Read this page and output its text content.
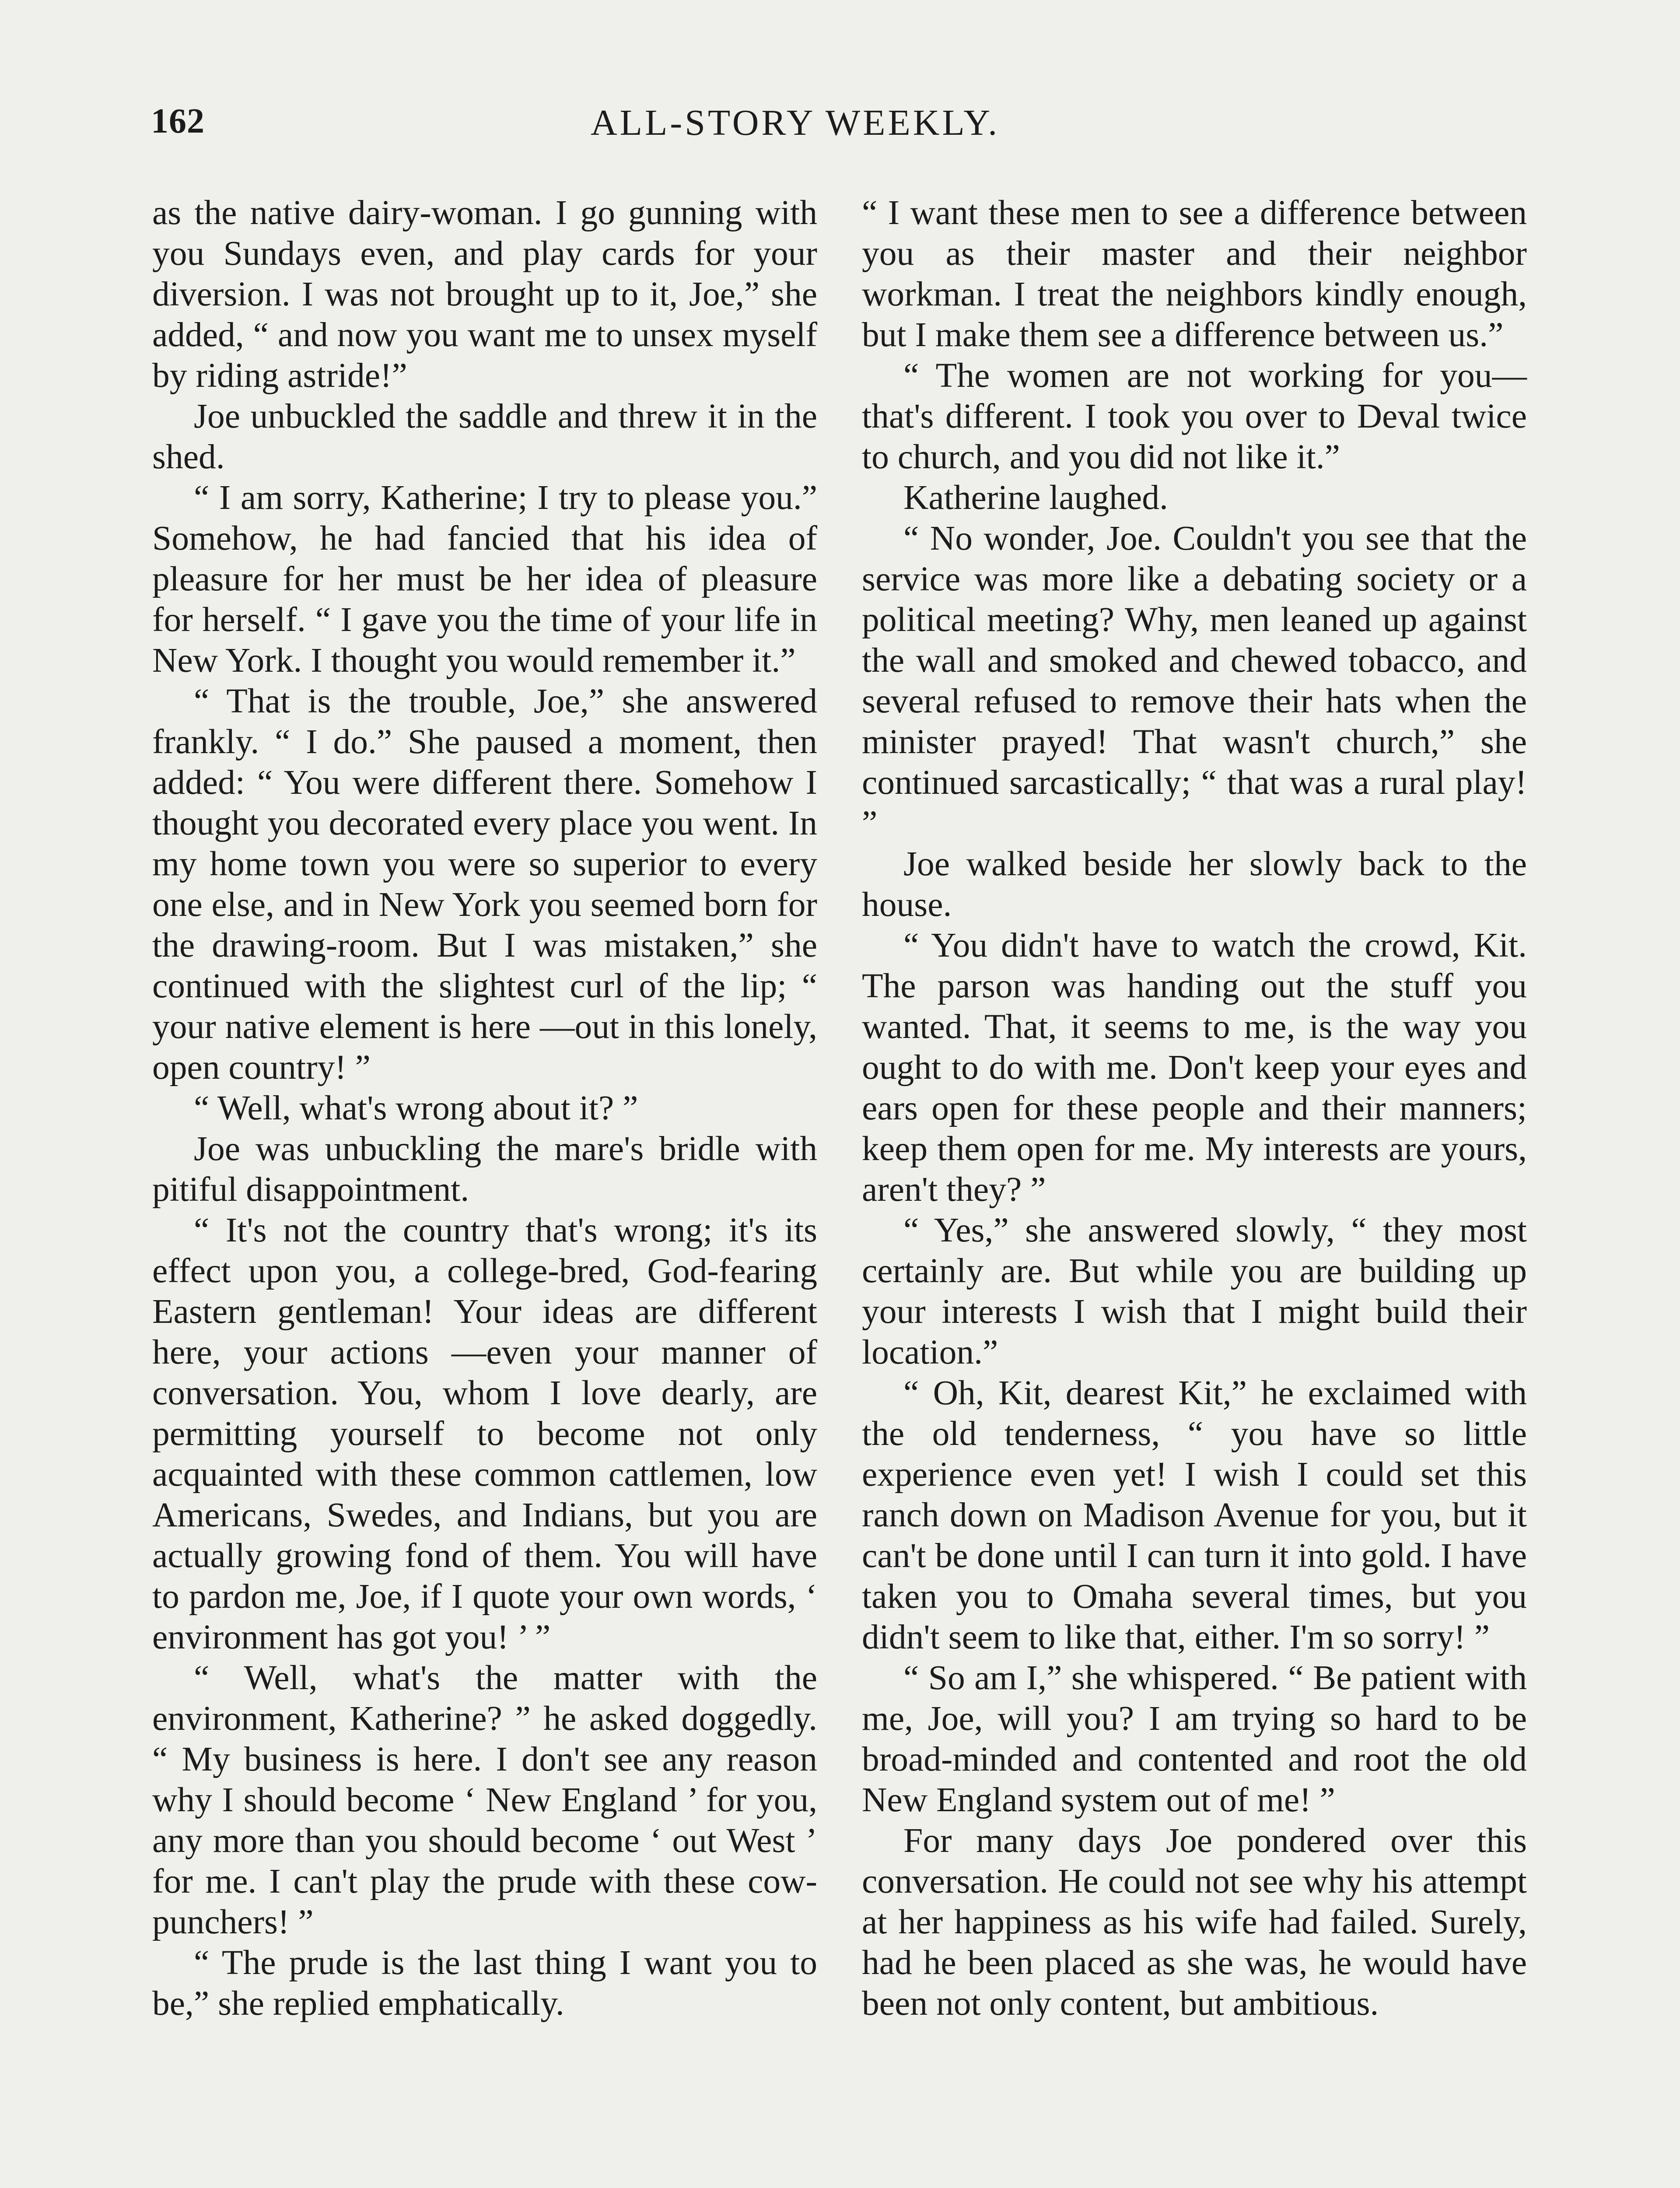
162	ALL-STORY WEEKLY.

as the native dairy-woman. I go gunning with you Sundays even, and play cards for your diversion. I was not brought up to it, Joe,” she added, “ and now you want me to unsex myself by riding astride!”

Joe unbuckled the saddle and threw it in the shed.

“ I am sorry, Katherine; I try to please you.” Somehow, he had fancied that his idea of pleasure for her must be her idea of pleasure for herself. “ I gave you the time of your life in New York. I thought you would remember it.”

“ That is the trouble, Joe,” she answered frankly. “ I do.” She paused a moment, then added: “ You were different there. Somehow I thought you decorated every place you went. In my home town you were so superior to every one else, and in New York you seemed born for the drawing-room. But I was mistaken,” she continued with the slightest curl of the lip; “ your native element is here —out in this lonely, open country! ”

“ Well, what's wrong about it? ”

Joe was unbuckling the mare's bridle with pitiful disappointment.

“ It's not the country that's wrong; it's its effect upon you, a college-bred, God-fearing Eastern gentleman! Your ideas are different here, your actions —even your manner of conversation. You, whom I love dearly, are permitting yourself to become not only acquainted with these common cattlemen, low Americans, Swedes, and Indians, but you are actually growing fond of them. You will have to pardon me, Joe, if I quote your own words, ‘ environment has got you! ’ ”

“ Well, what's the matter with the environment, Katherine? ” he asked doggedly. “ My business is here. I don't see any reason why I should become ‘ New England ’ for you, any more than you should become ‘ out West ’ for me. I can't play the prude with these cow-punchers! ”

“ The prude is the last thing I want you to be,” she replied emphatically.

“ I want these men to see a difference between you as their master and their neighbor workman. I treat the neighbors kindly enough, but I make them see a difference between us.”

“ The women are not working for you—that's different. I took you over to Deval twice to church, and you did not like it.”

Katherine laughed.

“ No wonder, Joe. Couldn't you see that the service was more like a debating society or a political meeting? Why, men leaned up against the wall and smoked and chewed tobacco, and several refused to remove their hats when the minister prayed! That wasn't church,” she continued sarcastically; “ that was a rural play! ”

Joe walked beside her slowly back to the house.

“ You didn't have to watch the crowd, Kit. The parson was handing out the stuff you wanted. That, it seems to me, is the way you ought to do with me. Don't keep your eyes and ears open for these people and their manners; keep them open for me. My interests are yours, aren't they? ”

“ Yes,” she answered slowly, “ they most certainly are. But while you are building up your interests I wish that I might build their location.”

“ Oh, Kit, dearest Kit,” he exclaimed with the old tenderness, “ you have so little experience even yet! I wish I could set this ranch down on Madison Avenue for you, but it can't be done until I can turn it into gold. I have taken you to Omaha several times, but you didn't seem to like that, either. I'm so sorry! ”

“ So am I,” she whispered. “ Be patient with me, Joe, will you? I am trying so hard to be broad-minded and contented and root the old New England system out of me! ”

For many days Joe pondered over this conversation. He could not see why his attempt at her happiness as his wife had failed. Surely, had he been placed as she was, he would have been not only content, but ambitious.
